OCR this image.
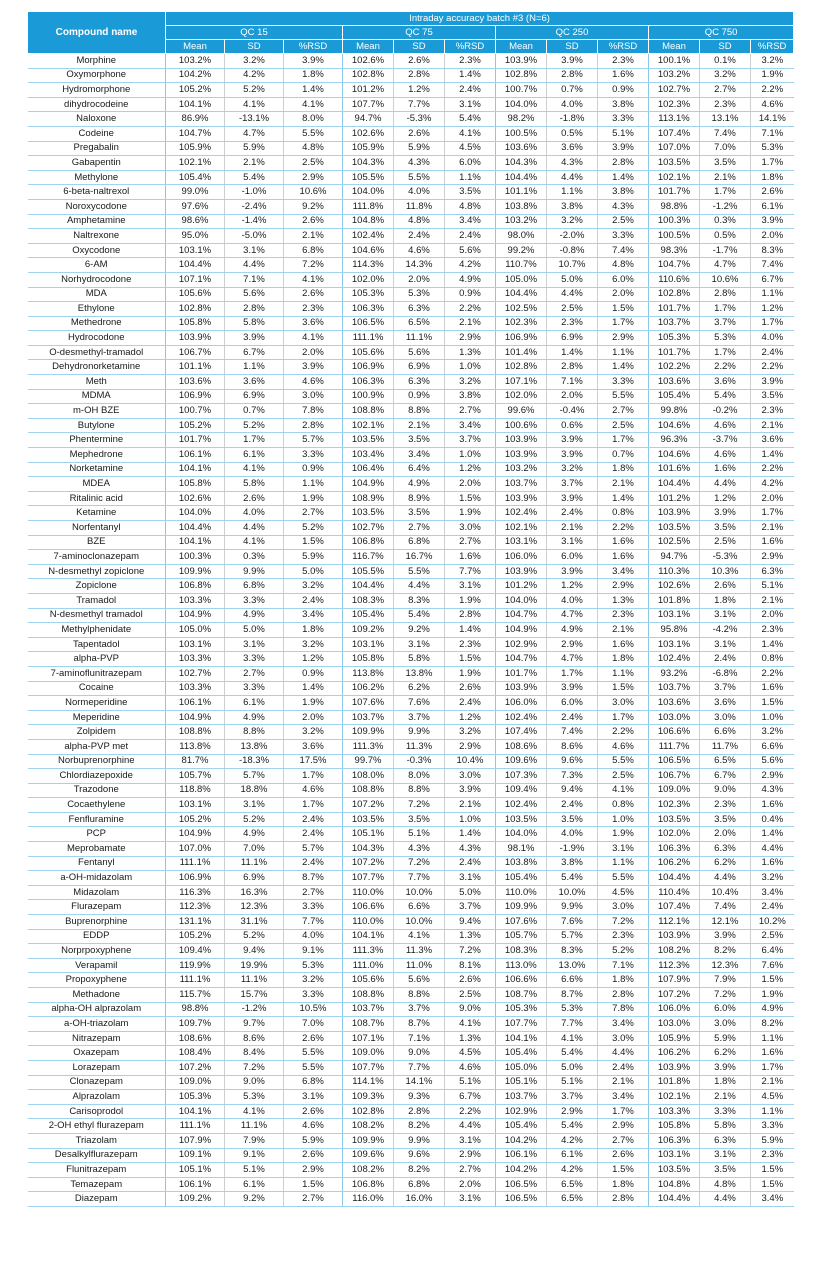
Compound name	Intraday accuracy batch #3 (N=6)											
	QC 15			QC 75			QC 250			QC 750		
	Mean	SD	%RSD	Mean	SD	%RSD	Mean	SD	%RSD	Mean	SD	%RSD
Morphine	103.2%	3.2%	3.9%	102.6%	2.6%	2.3%	103.9%	3.9%	2.3%	100.1%	0.1%	3.2%
Oxymorphone	104.2%	4.2%	1.8%	102.8%	2.8%	1.4%	102.8%	2.8%	1.6%	103.2%	3.2%	1.9%
Hydromorphone	105.2%	5.2%	1.4%	101.2%	1.2%	2.4%	100.7%	0.7%	0.9%	102.7%	2.7%	2.2%
dihydrocodeine	104.1%	4.1%	4.1%	107.7%	7.7%	3.1%	104.0%	4.0%	3.8%	102.3%	2.3%	4.6%
Naloxone	86.9%	-13.1%	8.0%	94.7%	-5.3%	5.4%	98.2%	-1.8%	3.3%	113.1%	13.1%	14.1%
Codeine	104.7%	4.7%	5.5%	102.6%	2.6%	4.1%	100.5%	0.5%	5.1%	107.4%	7.4%	7.1%
Pregabalin	105.9%	5.9%	4.8%	105.9%	5.9%	4.5%	103.6%	3.6%	3.9%	107.0%	7.0%	5.3%
Gabapentin	102.1%	2.1%	2.5%	104.3%	4.3%	6.0%	104.3%	4.3%	2.8%	103.5%	3.5%	1.7%
Methylone	105.4%	5.4%	2.9%	105.5%	5.5%	1.1%	104.4%	4.4%	1.4%	102.1%	2.1%	1.8%
6-beta-naltrexol	99.0%	-1.0%	10.6%	104.0%	4.0%	3.5%	101.1%	1.1%	3.8%	101.7%	1.7%	2.6%
Noroxycodone	97.6%	-2.4%	9.2%	111.8%	11.8%	4.8%	103.8%	3.8%	4.3%	98.8%	-1.2%	6.1%
Amphetamine	98.6%	-1.4%	2.6%	104.8%	4.8%	3.4%	103.2%	3.2%	2.5%	100.3%	0.3%	3.9%
Naltrexone	95.0%	-5.0%	2.1%	102.4%	2.4%	2.4%	98.0%	-2.0%	3.3%	100.5%	0.5%	2.0%
Oxycodone	103.1%	3.1%	6.8%	104.6%	4.6%	5.6%	99.2%	-0.8%	7.4%	98.3%	-1.7%	8.3%
6-AM	104.4%	4.4%	7.2%	114.3%	14.3%	4.2%	110.7%	10.7%	4.8%	104.7%	4.7%	7.4%
Norhydrocodone	107.1%	7.1%	4.1%	102.0%	2.0%	4.9%	105.0%	5.0%	6.0%	110.6%	10.6%	6.7%
MDA	105.6%	5.6%	2.6%	105.3%	5.3%	0.9%	104.4%	4.4%	2.0%	102.8%	2.8%	1.1%
Ethylone	102.8%	2.8%	2.3%	106.3%	6.3%	2.2%	102.5%	2.5%	1.5%	101.7%	1.7%	1.2%
Methedrone	105.8%	5.8%	3.6%	106.5%	6.5%	2.1%	102.3%	2.3%	1.7%	103.7%	3.7%	1.7%
Hydrocodone	103.9%	3.9%	4.1%	111.1%	11.1%	2.9%	106.9%	6.9%	2.9%	105.3%	5.3%	4.0%
O-desmethyl-tramadol	106.7%	6.7%	2.0%	105.6%	5.6%	1.3%	101.4%	1.4%	1.1%	101.7%	1.7%	2.4%
Dehydronorketamine	101.1%	1.1%	3.9%	106.9%	6.9%	1.0%	102.8%	2.8%	1.4%	102.2%	2.2%	2.2%
Meth	103.6%	3.6%	4.6%	106.3%	6.3%	3.2%	107.1%	7.1%	3.3%	103.6%	3.6%	3.9%
MDMA	106.9%	6.9%	3.0%	100.9%	0.9%	3.8%	102.0%	2.0%	5.5%	105.4%	5.4%	3.5%
m-OH BZE	100.7%	0.7%	7.8%	108.8%	8.8%	2.7%	99.6%	-0.4%	2.7%	99.8%	-0.2%	2.3%
Butylone	105.2%	5.2%	2.8%	102.1%	2.1%	3.4%	100.6%	0.6%	2.5%	104.6%	4.6%	2.1%
Phentermine	101.7%	1.7%	5.7%	103.5%	3.5%	3.7%	103.9%	3.9%	1.7%	96.3%	-3.7%	3.6%
Mephedrone	106.1%	6.1%	3.3%	103.4%	3.4%	1.0%	103.9%	3.9%	0.7%	104.6%	4.6%	1.4%
Norketamine	104.1%	4.1%	0.9%	106.4%	6.4%	1.2%	103.2%	3.2%	1.8%	101.6%	1.6%	2.2%
MDEA	105.8%	5.8%	1.1%	104.9%	4.9%	2.0%	103.7%	3.7%	2.1%	104.4%	4.4%	4.2%
Ritalinic acid	102.6%	2.6%	1.9%	108.9%	8.9%	1.5%	103.9%	3.9%	1.4%	101.2%	1.2%	2.0%
Ketamine	104.0%	4.0%	2.7%	103.5%	3.5%	1.9%	102.4%	2.4%	0.8%	103.9%	3.9%	1.7%
Norfentanyl	104.4%	4.4%	5.2%	102.7%	2.7%	3.0%	102.1%	2.1%	2.2%	103.5%	3.5%	2.1%
BZE	104.1%	4.1%	1.5%	106.8%	6.8%	2.7%	103.1%	3.1%	1.6%	102.5%	2.5%	1.6%
7-aminoclonazepam	100.3%	0.3%	5.9%	116.7%	16.7%	1.6%	106.0%	6.0%	1.6%	94.7%	-5.3%	2.9%
N-desmethyl zopiclone	109.9%	9.9%	5.0%	105.5%	5.5%	7.7%	103.9%	3.9%	3.4%	110.3%	10.3%	6.3%
Zopiclone	106.8%	6.8%	3.2%	104.4%	4.4%	3.1%	101.2%	1.2%	2.9%	102.6%	2.6%	5.1%
Tramadol	103.3%	3.3%	2.4%	108.3%	8.3%	1.9%	104.0%	4.0%	1.3%	101.8%	1.8%	2.1%
N-desmethyl tramadol	104.9%	4.9%	3.4%	105.4%	5.4%	2.8%	104.7%	4.7%	2.3%	103.1%	3.1%	2.0%
Methylphenidate	105.0%	5.0%	1.8%	109.2%	9.2%	1.4%	104.9%	4.9%	2.1%	95.8%	-4.2%	2.3%
Tapentadol	103.1%	3.1%	3.2%	103.1%	3.1%	2.3%	102.9%	2.9%	1.6%	103.1%	3.1%	1.4%
alpha-PVP	103.3%	3.3%	1.2%	105.8%	5.8%	1.5%	104.7%	4.7%	1.8%	102.4%	2.4%	0.8%
7-aminoflunitrazepam	102.7%	2.7%	0.9%	113.8%	13.8%	1.9%	101.7%	1.7%	1.1%	93.2%	-6.8%	2.2%
Cocaine	103.3%	3.3%	1.4%	106.2%	6.2%	2.6%	103.9%	3.9%	1.5%	103.7%	3.7%	1.6%
Normeperidine	106.1%	6.1%	1.9%	107.6%	7.6%	2.4%	106.0%	6.0%	3.0%	103.6%	3.6%	1.5%
Meperidine	104.9%	4.9%	2.0%	103.7%	3.7%	1.2%	102.4%	2.4%	1.7%	103.0%	3.0%	1.0%
Zolpidem	108.8%	8.8%	3.2%	109.9%	9.9%	3.2%	107.4%	7.4%	2.2%	106.6%	6.6%	3.2%
alpha-PVP met	113.8%	13.8%	3.6%	111.3%	11.3%	2.9%	108.6%	8.6%	4.6%	111.7%	11.7%	6.6%
Norbuprenorphine	81.7%	-18.3%	17.5%	99.7%	-0.3%	10.4%	109.6%	9.6%	5.5%	106.5%	6.5%	5.6%
Chlordiazepoxide	105.7%	5.7%	1.7%	108.0%	8.0%	3.0%	107.3%	7.3%	2.5%	106.7%	6.7%	2.9%
Trazodone	118.8%	18.8%	4.6%	108.8%	8.8%	3.9%	109.4%	9.4%	4.1%	109.0%	9.0%	4.3%
Cocaethylene	103.1%	3.1%	1.7%	107.2%	7.2%	2.1%	102.4%	2.4%	0.8%	102.3%	2.3%	1.6%
Fenfluramine	105.2%	5.2%	2.4%	103.5%	3.5%	1.0%	103.5%	3.5%	1.0%	103.5%	3.5%	0.4%
PCP	104.9%	4.9%	2.4%	105.1%	5.1%	1.4%	104.0%	4.0%	1.9%	102.0%	2.0%	1.4%
Meprobamate	107.0%	7.0%	5.7%	104.3%	4.3%	4.3%	98.1%	-1.9%	3.1%	106.3%	6.3%	4.4%
Fentanyl	111.1%	11.1%	2.4%	107.2%	7.2%	2.4%	103.8%	3.8%	1.1%	106.2%	6.2%	1.6%
a-OH-midazolam	106.9%	6.9%	8.7%	107.7%	7.7%	3.1%	105.4%	5.4%	5.5%	104.4%	4.4%	3.2%
Midazolam	116.3%	16.3%	2.7%	110.0%	10.0%	5.0%	110.0%	10.0%	4.5%	110.4%	10.4%	3.4%
Flurazepam	112.3%	12.3%	3.3%	106.6%	6.6%	3.7%	109.9%	9.9%	3.0%	107.4%	7.4%	2.4%
Buprenorphine	131.1%	31.1%	7.7%	110.0%	10.0%	9.4%	107.6%	7.6%	7.2%	112.1%	12.1%	10.2%
EDDP	105.2%	5.2%	4.0%	104.1%	4.1%	1.3%	105.7%	5.7%	2.3%	103.9%	3.9%	2.5%
Norprpoxyphene	109.4%	9.4%	9.1%	111.3%	11.3%	7.2%	108.3%	8.3%	5.2%	108.2%	8.2%	6.4%
Verapamil	119.9%	19.9%	5.3%	111.0%	11.0%	8.1%	113.0%	13.0%	7.1%	112.3%	12.3%	7.6%
Propoxyphene	111.1%	11.1%	3.2%	105.6%	5.6%	2.6%	106.6%	6.6%	1.8%	107.9%	7.9%	1.5%
Methadone	115.7%	15.7%	3.3%	108.8%	8.8%	2.5%	108.7%	8.7%	2.8%	107.2%	7.2%	1.9%
alpha-OH alprazolam	98.8%	-1.2%	10.5%	103.7%	3.7%	9.0%	105.3%	5.3%	7.8%	106.0%	6.0%	4.9%
a-OH-triazolam	109.7%	9.7%	7.0%	108.7%	8.7%	4.1%	107.7%	7.7%	3.4%	103.0%	3.0%	8.2%
Nitrazepam	108.6%	8.6%	2.6%	107.1%	7.1%	1.3%	104.1%	4.1%	3.0%	105.9%	5.9%	1.1%
Oxazepam	108.4%	8.4%	5.5%	109.0%	9.0%	4.5%	105.4%	5.4%	4.4%	106.2%	6.2%	1.6%
Lorazepam	107.2%	7.2%	5.5%	107.7%	7.7%	4.6%	105.0%	5.0%	2.4%	103.9%	3.9%	1.7%
Clonazepam	109.0%	9.0%	6.8%	114.1%	14.1%	5.1%	105.1%	5.1%	2.1%	101.8%	1.8%	2.1%
Alprazolam	105.3%	5.3%	3.1%	109.3%	9.3%	6.7%	103.7%	3.7%	3.4%	102.1%	2.1%	4.5%
Carisoprodol	104.1%	4.1%	2.6%	102.8%	2.8%	2.2%	102.9%	2.9%	1.7%	103.3%	3.3%	1.1%
2-OH ethyl flurazepam	111.1%	11.1%	4.6%	108.2%	8.2%	4.4%	105.4%	5.4%	2.9%	105.8%	5.8%	3.3%
Triazolam	107.9%	7.9%	5.9%	109.9%	9.9%	3.1%	104.2%	4.2%	2.7%	106.3%	6.3%	5.9%
Desalkylflurazepam	109.1%	9.1%	2.6%	109.6%	9.6%	2.9%	106.1%	6.1%	2.6%	103.1%	3.1%	2.3%
Flunitrazepam	105.1%	5.1%	2.9%	108.2%	8.2%	2.7%	104.2%	4.2%	1.5%	103.5%	3.5%	1.5%
Temazepam	106.1%	6.1%	1.5%	106.8%	6.8%	2.0%	106.5%	6.5%	1.8%	104.8%	4.8%	1.5%
Diazepam	109.2%	9.2%	2.7%	116.0%	16.0%	3.1%	106.5%	6.5%	2.8%	104.4%	4.4%	3.4%
